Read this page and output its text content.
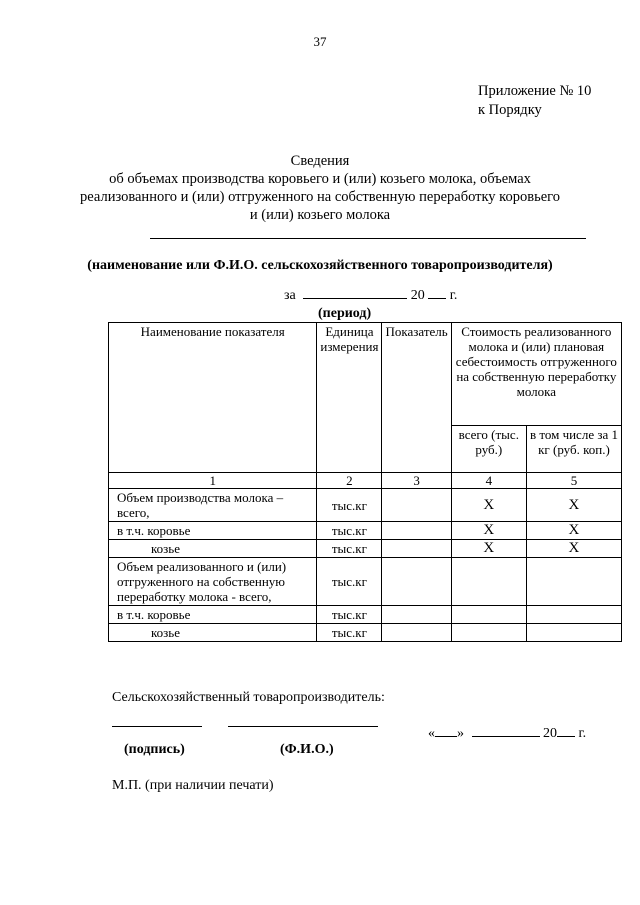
37
Приложение № 10
к Порядку
Сведения
об объемах производства коровьего и (или) козьего молока, объемах
реализованного и (или) отгруженного на собственную переработку коровьего
и (или) козьего молока
(наименование или Ф.И.О. сельскохозяйственного товаропроизводителя)
за	20 г.
(период)
Наименование показателя	Единица измерения	Показатель	Стоимость реализованного молока и (или) плановая себестоимость отгруженного на собственную переработку молока	
			всего (тыс. руб.)	в том числе за 1 кг (руб. коп.)
1	2	3	4	5
Объем производства молока – всего,	тыс.кг		Х	Х
в т.ч. коровье	тыс.кг		Х	Х
козье	тыс.кг		Х	Х
Объем реализованного и (или) отгруженного на собственную переработку молока - всего,	тыс.кг			
в т.ч. коровье	тыс.кг			
козье	тыс.кг			
Сельскохозяйственный товаропроизводитель:
(подпись)	(Ф.И.О.)
« »	20 г.
М.П. (при наличии печати)
